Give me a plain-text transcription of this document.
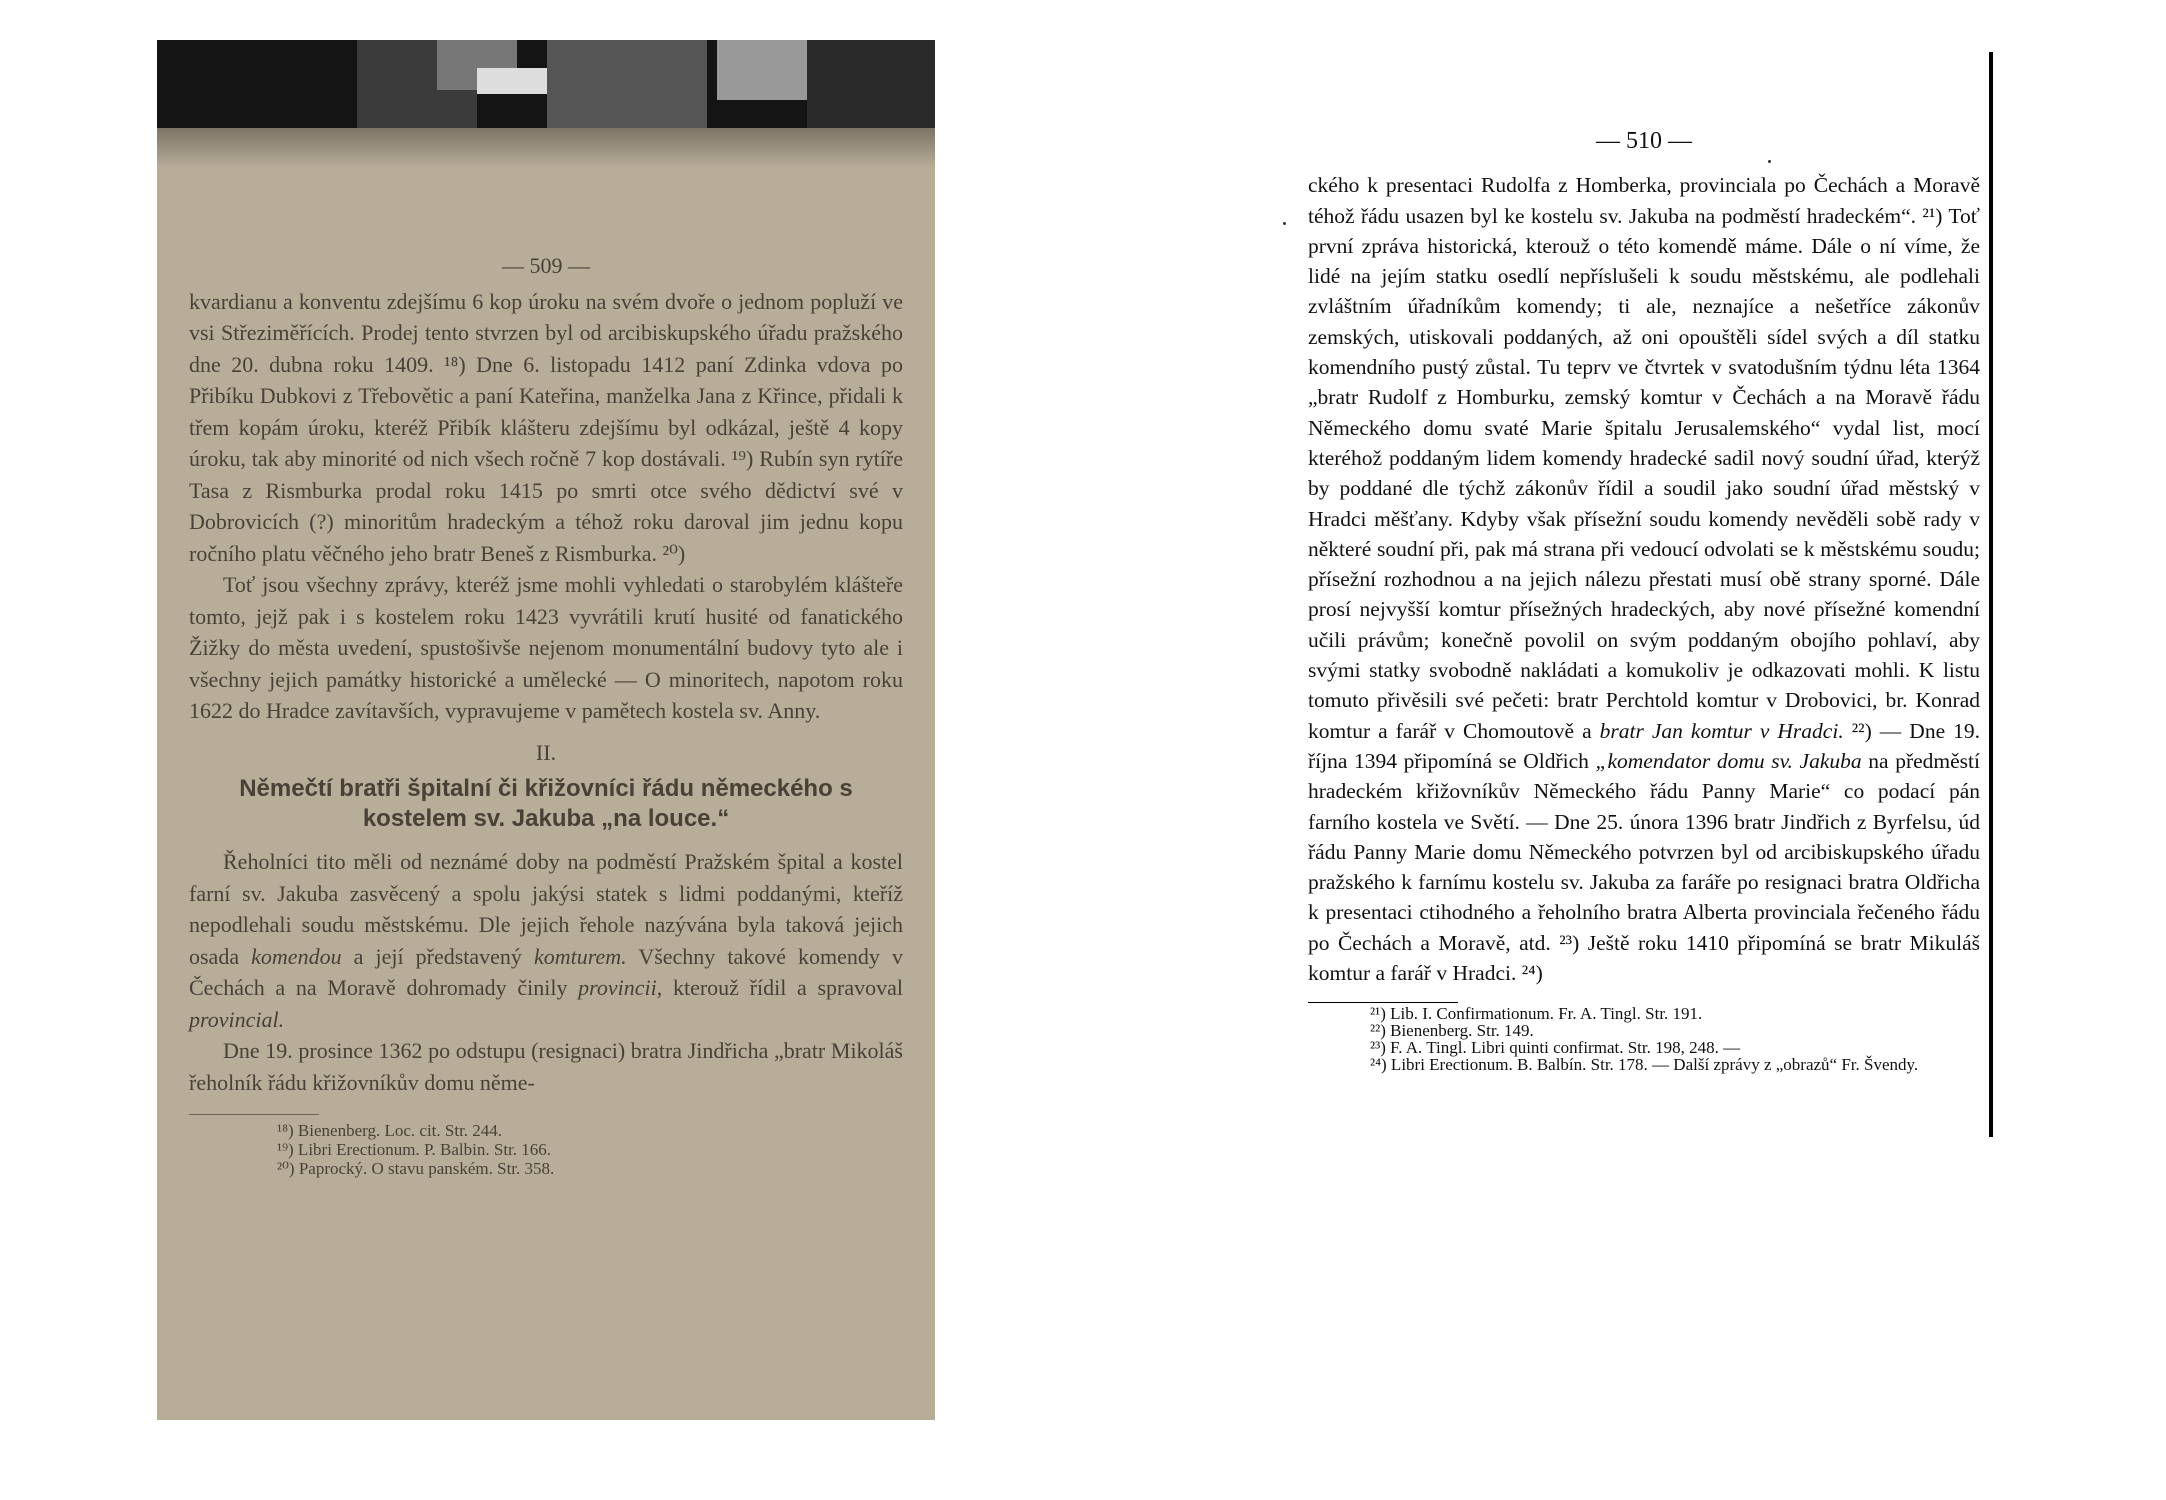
— 509 —

kvardianu a konventu zdejšímu 6 kop úroku na svém dvoře o jednom popluží ve vsi Střeziměřících. Prodej tento stvrzen byl od arcibiskupského úřadu pražského dne 20. dubna roku 1409. ¹⁸) Dne 6. listopadu 1412 paní Zdinka vdova po Přibíku Dubkovi z Třebovětic a paní Kateřina, manželka Jana z Křince, přidali k třem kopám úroku, kteréž Přibík klášteru zdejšímu byl odkázal, ještě 4 kopy úroku, tak aby minorité od nich všech ročně 7 kop dostávali. ¹⁹) Rubín syn rytíře Tasa z Rismburka prodal roku 1415 po smrti otce svého dědictví své v Dobrovicích (?) minoritům hradeckým a téhož roku daroval jim jednu kopu ročního platu věčného jeho bratr Beneš z Rismburka. ²⁰)

Toť jsou všechny zprávy, kteréž jsme mohli vyhledati o starobylém klášteře tomto, jejž pak i s kostelem roku 1423 vyvrátili krutí husité od fanatického Žižky do města uvedení, spustošivše nejenom monumentální budovy tyto ale i všechny jejich památky historické a umělecké — O minoritech, napotom roku 1622 do Hradce zavítavších, vypravujeme v pamětech kostela sv. Anny.

II.

Němečtí bratři špitalní či křižovníci řádu německého s kostelem sv. Jakuba „na louce.“

Řeholníci tito měli od neznámé doby na podměstí Pražském špital a kostel farní sv. Jakuba zasvěcený a spolu jakýsi statek s lidmi poddanými, kteříž nepodlehali soudu městskému. Dle jejich řehole nazývána byla taková jejich osada komendou a její představený komturem. Všechny takové komendy v Čechách a na Moravě dohromady činily provincii, kterouž řídil a spravoval provincial.

Dne 19. prosince 1362 po odstupu (resignaci) bratra Jindřicha „bratr Mikoláš řeholník řádu křižovníkův domu něme-

¹⁸) Bienenberg. Loc. cit. Str. 244.

¹⁹) Libri Erectionum. P. Balbin. Str. 166.

²⁰) Paprocký. O stavu panském. Str. 358.

— 510 —

ckého k presentaci Rudolfa z Homberka, provinciala po Čechách a Moravě téhož řádu usazen byl ke kostelu sv. Jakuba na podměstí hradeckém“. ²¹) Toť první zpráva historická, kterouž o této komendě máme. Dále o ní víme, že lidé na jejím statku osedlí nepříslušeli k soudu městskému, ale podlehali zvláštním úřadníkům komendy; ti ale, neznajíce a nešetříce zákonův zemských, utiskovali poddaných, až oni opouštěli sídel svých a díl statku komendního pustý zůstal. Tu teprv ve čtvrtek v svatodušním týdnu léta 1364 „bratr Rudolf z Homburku, zemský komtur v Čechách a na Moravě řádu Německého domu svaté Marie špitalu Jerusalemského“ vydal list, mocí kteréhož poddaným lidem komendy hradecké sadil nový soudní úřad, kterýž by poddané dle týchž zákonův řídil a soudil jako soudní úřad městský v Hradci měšťany. Kdyby však přísežní soudu komendy nevěděli sobě rady v některé soudní při, pak má strana při vedoucí odvolati se k městskému soudu; přísežní rozhodnou a na jejich nálezu přestati musí obě strany sporné. Dále prosí nejvyšší komtur přísežných hradeckých, aby nové přísežné komendní učili právům; konečně povolil on svým poddaným obojího pohlaví, aby svými statky svobodně nakládati a komukoliv je odkazovati mohli. K listu tomuto přivěsili své pečeti: bratr Perchtold komtur v Drobovici, br. Konrad komtur a farář v Chomoutově a bratr Jan komtur v Hradci. ²²) — Dne 19. října 1394 připomíná se Oldřich „komendator domu sv. Jakuba na předměstí hradeckém křižovníkův Německého řádu Panny Marie“ co podací pán farního kostela ve Světí. — Dne 25. února 1396 bratr Jindřich z Byrfelsu, úd řádu Panny Marie domu Německého potvrzen byl od arcibiskupského úřadu pražského k farnímu kostelu sv. Jakuba za faráře po resignaci bratra Oldřicha k presentaci ctihodného a řeholního bratra Alberta provinciala řečeného řádu po Čechách a Moravě, atd. ²³) Ještě roku 1410 připomíná se bratr Mikuláš komtur a farář v Hradci. ²⁴)

²¹) Lib. I. Confirmationum. Fr. A. Tingl. Str. 191.

²²) Bienenberg. Str. 149.

²³) F. A. Tingl. Libri quinti confirmat. Str. 198, 248. —

²⁴) Libri Erectionum. B. Balbín. Str. 178. — Další zprávy z „obrazů“ Fr. Švendy.
